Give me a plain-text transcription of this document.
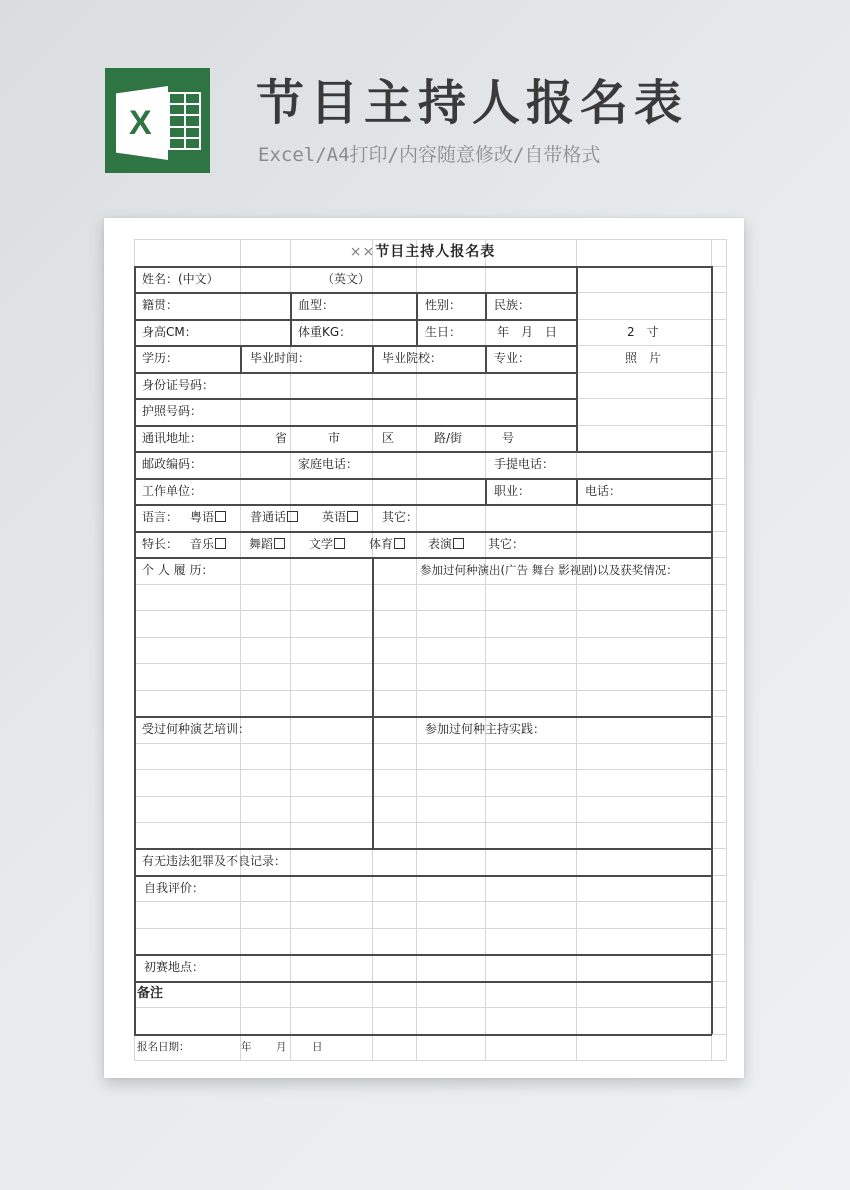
X 节目主持人报名表
Excel/A4打印/内容随意修改/自带格式
××节目主持人报名表
姓名：(中文）	（英文）
籍贯：	血型：	性别：	民族：
身高CM：	体重KG：	生日：	年　月　日	2　寸
学历：	毕业时间：	毕业院校：	专业：	照　片
身份证号码：
护照号码：
通讯地址：	省	市	区	路/街	号
邮政编码：	家庭电话：	手提电话：
工作单位：	职业：	电话：
语言： 粤语	普通话	英语	其它：
特长： 音乐	舞蹈	文学	体育	表演	其它：
个 人 履 历：	参加过何种演出(广告 舞台 影视剧)以及获奖情况：
受过何种演艺培训：	参加过何种主持实践：
有无违法犯罪及不良记录：
自我评价：
初赛地点：
备注
报名日期：	年 月 日
